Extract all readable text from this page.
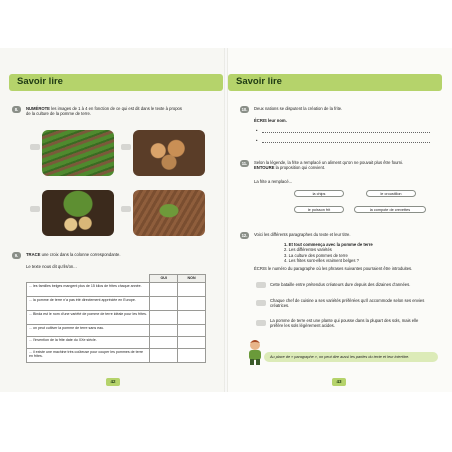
Savoir lire
8.	NUMÉROTE les images de 1 à 4 en fonction de ce qui est dit dans le texte à propos
de la culture de la pomme de terre.
9.	TRACE une croix dans la colonne correspondante.
Le texte nous dit qu’ils/on...
	OUI	NON
... les familles belges mangent plus de 15 kilos de frites chaque année.		
... la pomme de terre n’a pas été directement appréciée en Europe.		
... Binda est le nom d’une variété de pomme de terre idéale pour les frites.		
... on peut cultiver la pomme de terre sans eau.		
... l’invention de la frite date du XXe siècle.		
... il existe une machine très coûteuse pour couper les pommes de terre en frites.		
42
Savoir lire
10.	Deux nations se disputent la création de la frite.
ÉCRIS leur nom.
•
•
11.	Selon la légende, la frite a remplacé un aliment qu’on ne pouvait plus être fourni.
ENTOURE la proposition qui convient.
La frite a remplacé...
la chips	le croustillon
le poisson frit	la compote de crevettes
12.	Voici les différents paragraphes du texte et leur titre.
1. Et tout commença avec la pomme de terre
2. Les différentes variétés
3. La culture des pommes de terre
4. Les frites sont-elles vraiment belges ?
ÉCRIS le numéro du paragraphe où les phrases suivantes pourraient être introduites.
Cette bataille entre prétendus créateurs dure depuis des dizaines d’années.
Chaque chef de cuisine a ses variétés préférées qu’il accommode selon ses envies créatrices.
La pomme de terre est une plante qui pousse dans la plupart des sols, mais elle préfère les sols légèrement acides.
Au place de « paragraphe », on peut dire aussi les parties du texte et leur intertitre.
43
